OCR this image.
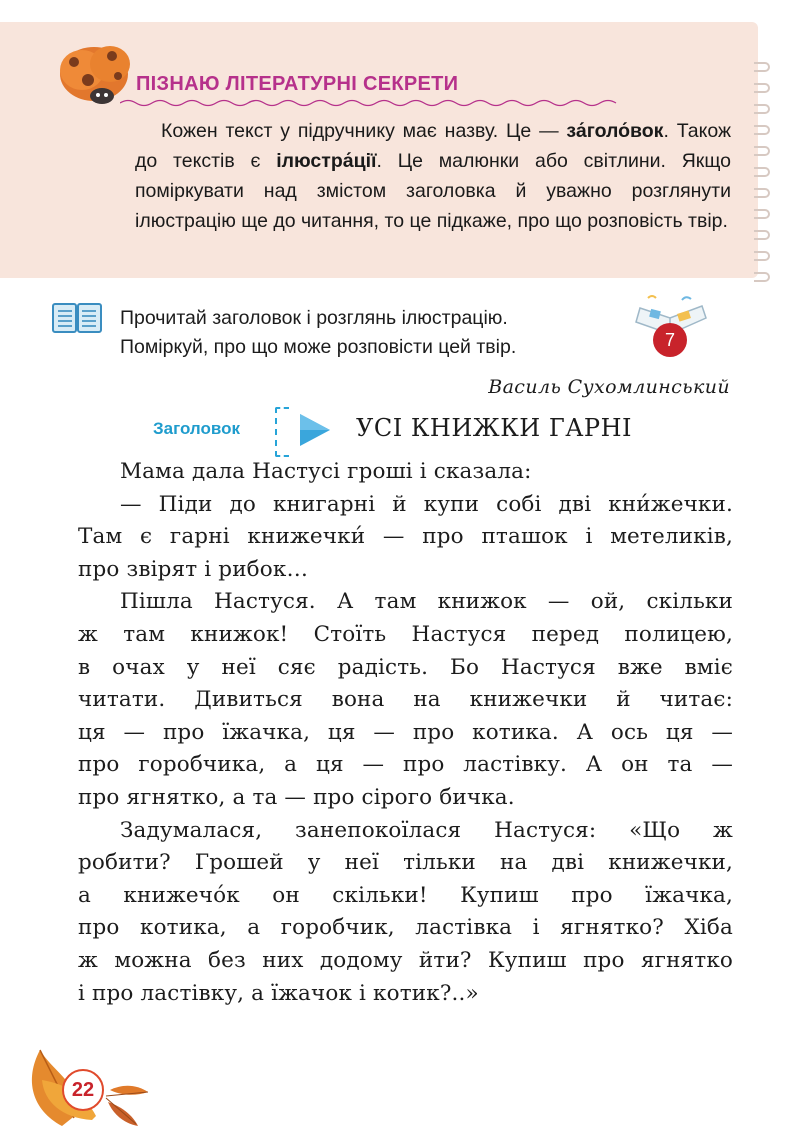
ПІЗНАЮ ЛІТЕРАТУРНІ СЕКРЕТИ

Кожен текст у підручнику має назву. Це — за́голо́вок. Також до текстів є ілюстра́ції. Це малюнки або світлини. Якщо поміркувати над змістом заголовка й уважно розглянути ілюстрацію ще до читання, то це підкаже, про що розповість твір.

Прочитай заголовок і розглянь ілюстрацію.
Поміркуй, про що може розповісти цей твір.	7
Василь Сухомлинський
Заголовок	УСІ КНИЖКИ ГАРНІ
Мама дала Настусі гроші і сказала:
— Піди до книгарні й купи собі дві кни́жечки.
Там є гарні книжечки́ — про пташок і метеликів,
про звірят і рибок…
Пішла Настуся. А там книжок — ой, скільки
ж там книжок! Стоїть Настуся перед полицею,
в очах у неї сяє радість. Бо Настуся вже вміє
читати. Дивиться вона на книжечки й читає:
ця — про їжачка, ця — про котика. А ось ця —
про горобчика, а ця — про ластівку. А он та —
про ягнятко, а та — про сірого бичка.
Задумалася, занепокоїлася Настуся: «Що ж
робити? Грошей у неї тільки на дві книжечки,
а книжечо́к он скільки! Купиш про їжачка,
про котика, а горобчик, ластівка і ягнятко? Хіба
ж можна без них додому йти? Купиш про ягнятко
і про ластівку, а їжачок і котик?..»
22
